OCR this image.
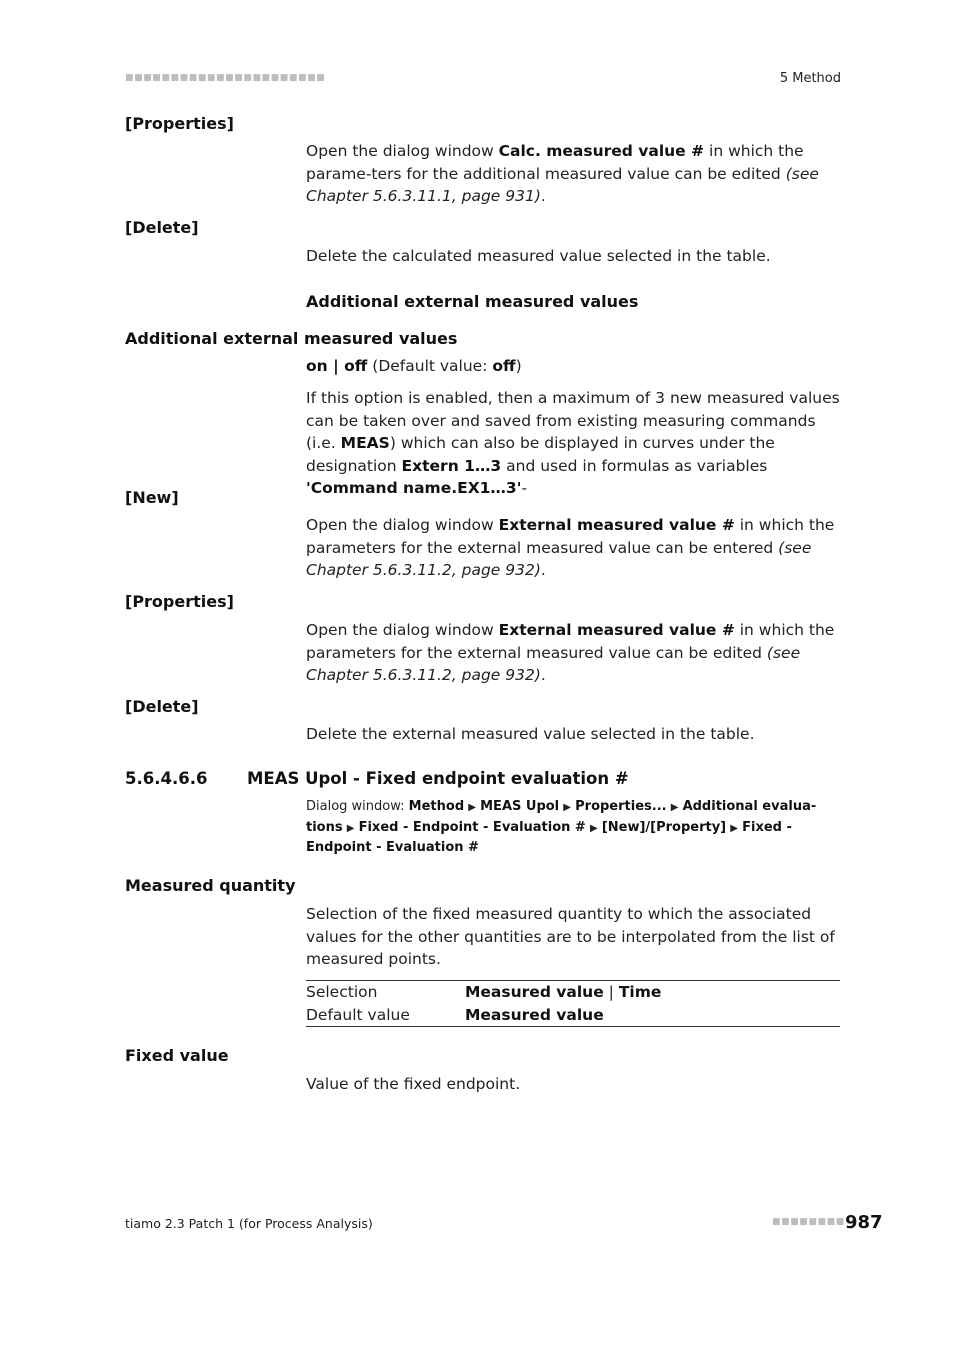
■■■■■■■■■■■■■■■■■■■■■■	5 Method
[Properties]
Open the dialog window Calc. measured value # in which the parame-ters for the additional measured value can be edited (see Chapter 5.6.3.11.1, page 931).
[Delete]
Delete the calculated measured value selected in the table.
Additional external measured values
Additional external measured values
on | off (Default value: off)
If this option is enabled, then a maximum of 3 new measured values can be taken over and saved from existing measuring commands (i.e. MEAS) which can also be displayed in curves under the designation Extern 1…3 and used in formulas as variables 'Command name.EX1…3'-
[New]
Open the dialog window External measured value # in which the parameters for the external measured value can be entered (see Chapter 5.6.3.11.2, page 932).
[Properties]
Open the dialog window External measured value # in which the parameters for the external measured value can be edited (see Chapter 5.6.3.11.2, page 932).
[Delete]
Delete the external measured value selected in the table.
5.6.4.6.6 MEAS Upol - Fixed endpoint evaluation #
Dialog window: Method ▶ MEAS Upol ▶ Properties... ▶ Additional evalua-tions ▶ Fixed - Endpoint - Evaluation # ▶ [New]/[Property] ▶ Fixed - Endpoint - Evaluation #
Measured quantity
Selection of the fixed measured quantity to which the associated values for the other quantities are to be interpolated from the list of measured points.
Selection	Measured value | Time
Default value	Measured value
Fixed value
Value of the fixed endpoint.
tiamo 2.3 Patch 1 (for Process Analysis)	■■■■■■■■ 987
